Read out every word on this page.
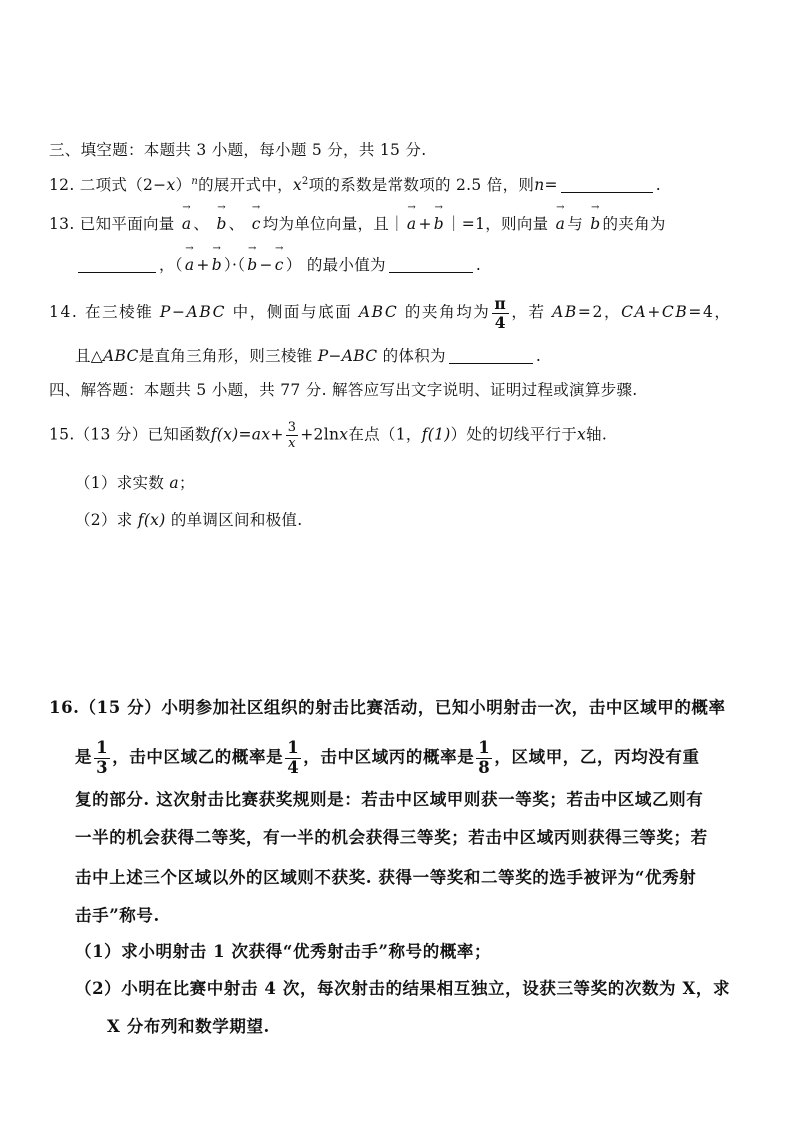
三、填空题：本题共 3 小题，每小题 5 分，共 15 分.
12. 二项式$(2-x)^n$的展开式中，$x^2$项的系数是常数项的 2.5 倍，则n=	.
13. 已知平面向量
→
a 、
→
b 、
→
c 均为单位向量，且｜
→
a +
→
b ｜=1，则向量
→
a 与
→
b 的夹角为
，（
→
a +
→
b ）·（
→
b −
→
c ） 的最小值为	.
14. 在三棱锥 P−ABC 中，侧面与底面 ABC 的夹角均为 $\frac{\pi}{4}$ ，若 AB=2，CA+CB=4，
且△ABC是直角三角形，则三棱锥 P−ABC 的体积为	.
四、解答题：本题共 5 小题，共 77 分. 解答应写出文字说明、证明过程或演算步骤.
15.（13 分）已知函数$f(x)=ax+ \frac{3}{x} +2\ln x$在点（1，f(1)）处的切线平行于x轴.
（1）求实数 a；
（2）求 f(x) 的单调区间和极值.
16.（15 分）小明参加社区组织的射击比赛活动，已知小明射击一次，击中区域甲的概率
是 $\frac{1}{3}$ ，击中区域乙的概率是 $\frac{1}{4}$ ，击中区域丙的概率是 $\frac{1}{8}$ ，区域甲，乙，丙均没有重
复的部分. 这次射击比赛获奖规则是：若击中区域甲则获一等奖；若击中区域乙则有
一半的机会获得二等奖，有一半的机会获得三等奖；若击中区域丙则获得三等奖；若
击中上述三个区域以外的区域则不获奖. 获得一等奖和二等奖的选手被评为“优秀射
击手”称号.
（1）求小明射击 1 次获得“优秀射击手”称号的概率；
（2）小明在比赛中射击 4 次，每次射击的结果相互独立，设获三等奖的次数为 X，求
X 分布列和数学期望.
